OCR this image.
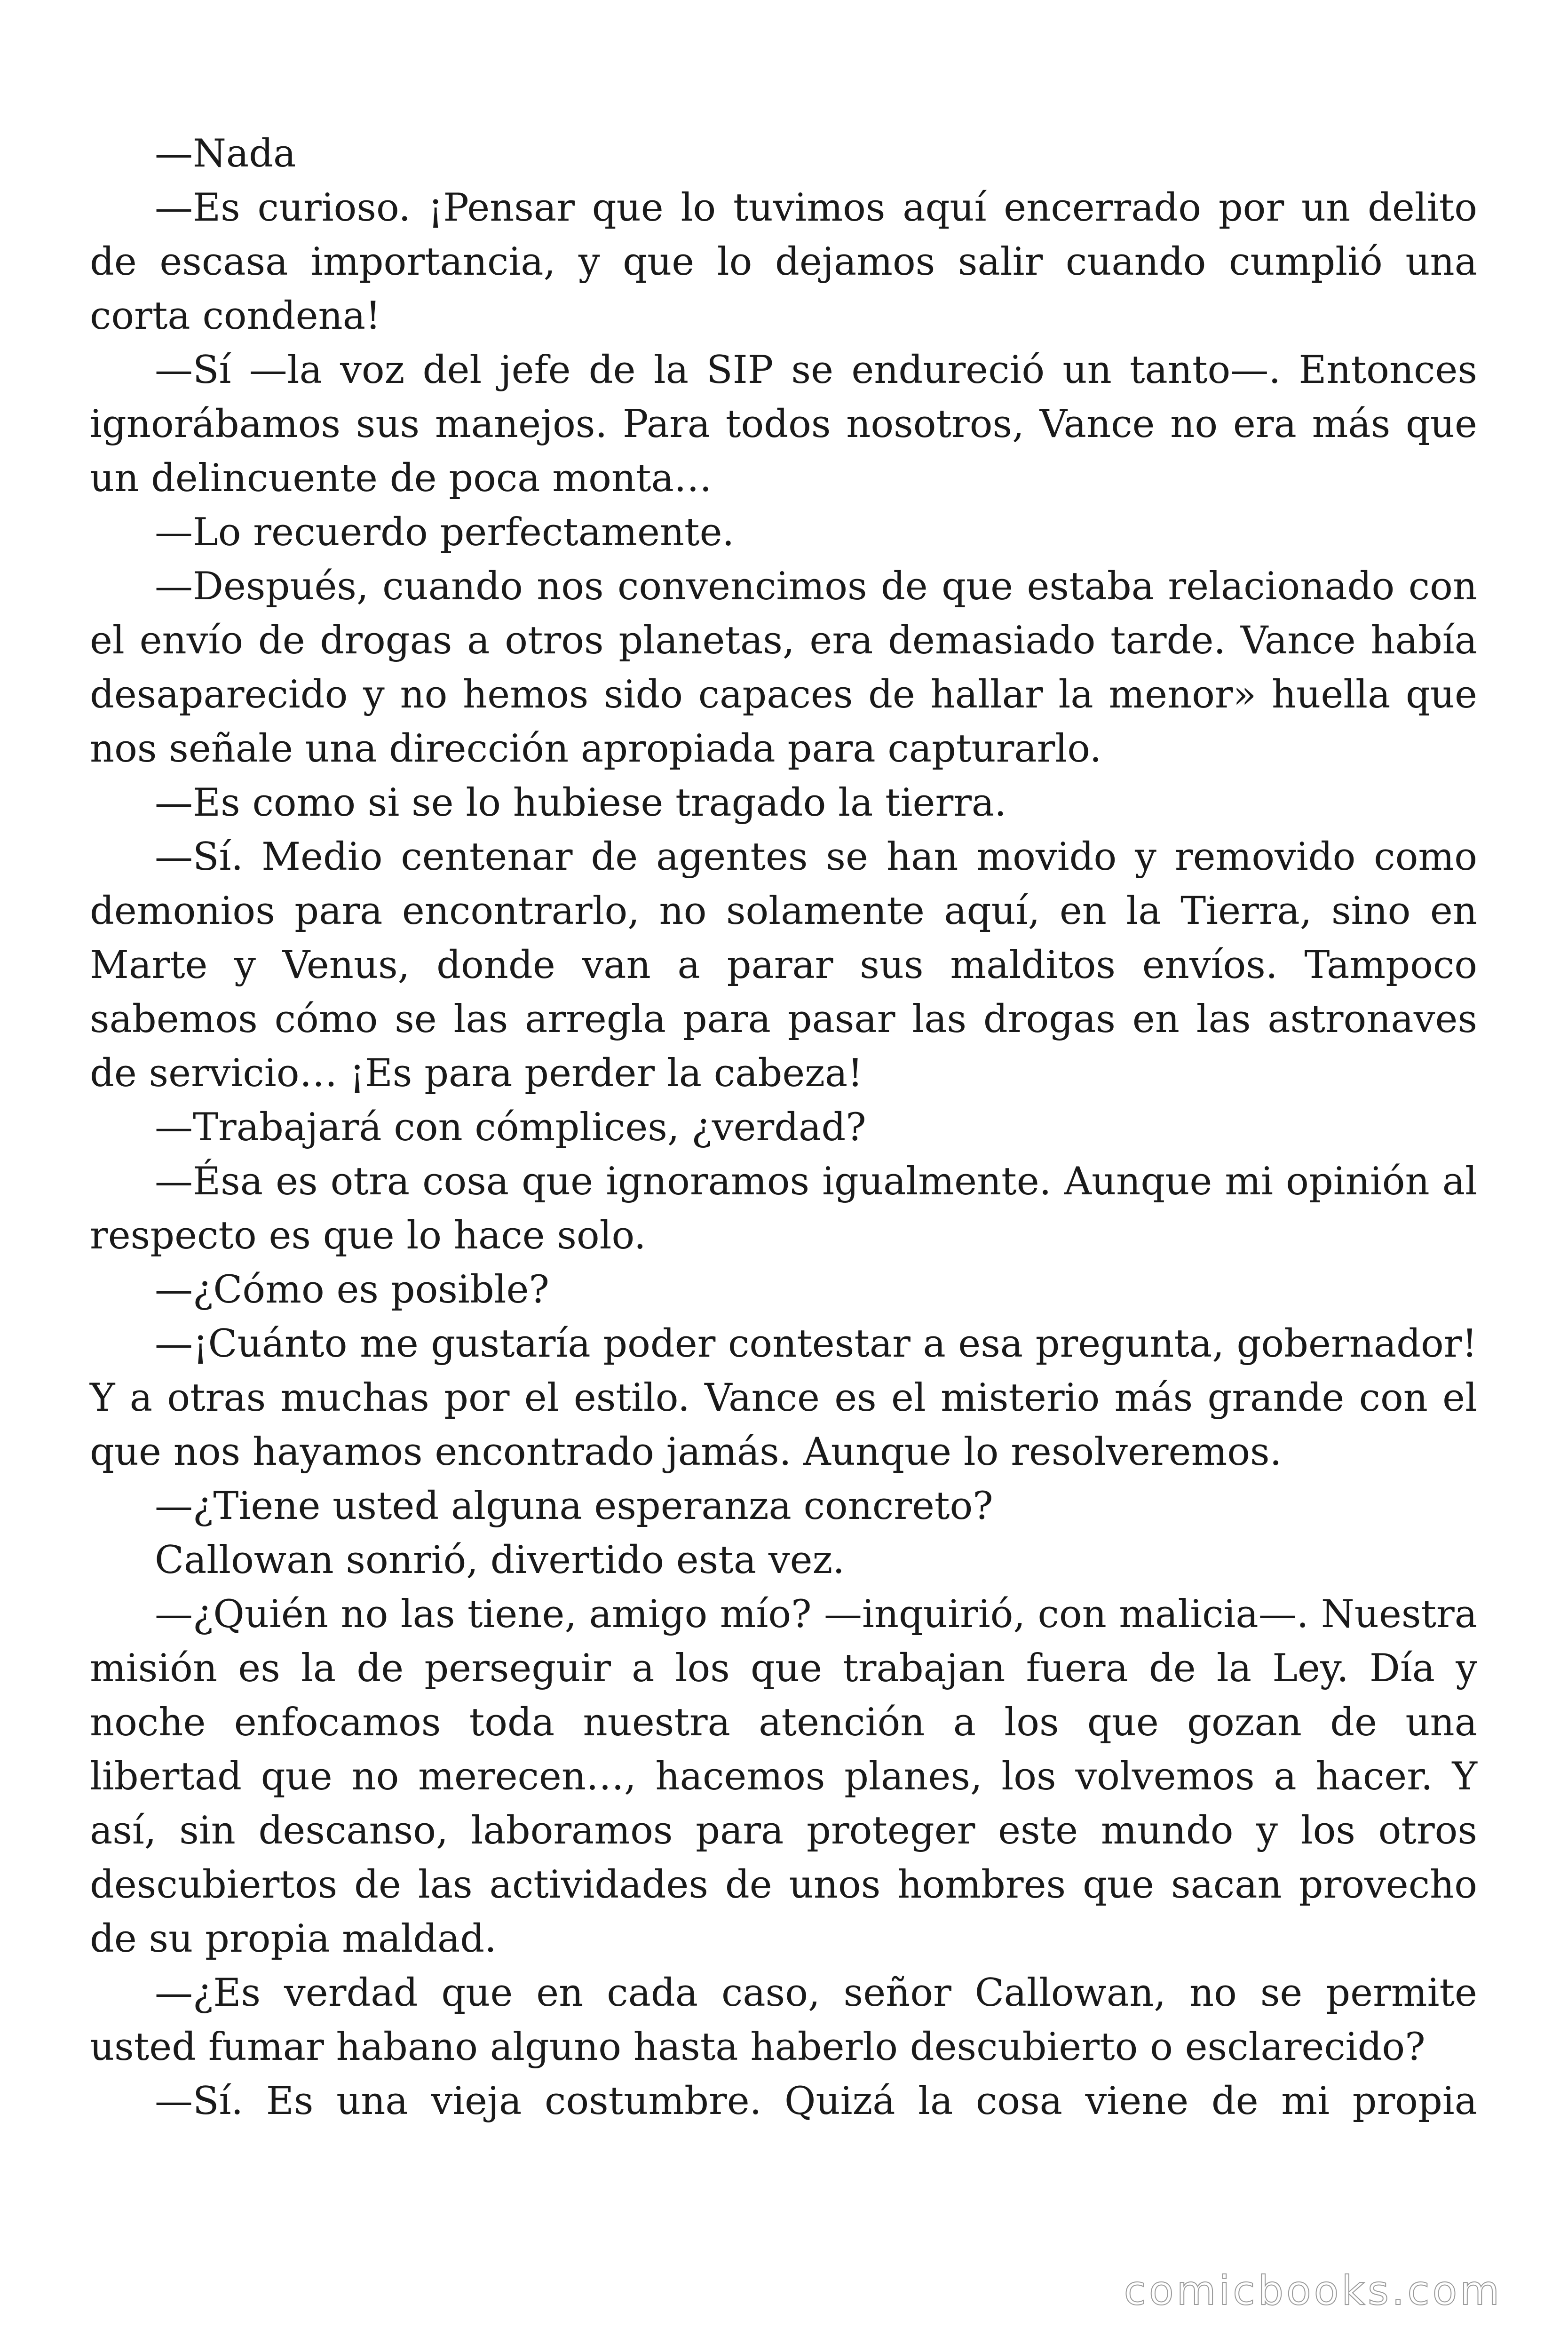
—Nada

—Es curioso. ¡Pensar que lo tuvimos aquí encerrado por un delito de escasa importancia, y que lo dejamos salir cuando cumplió una corta condena!

—Sí —la voz del jefe de la SIP se endureció un tanto—. Entonces ignorábamos sus manejos. Para todos nosotros, Vance no era más que un delincuente de poca monta…

—Lo recuerdo perfectamente.

—Después, cuando nos convencimos de que estaba relacionado con el envío de drogas a otros planetas, era demasiado tarde. Vance había desaparecido y no hemos sido capaces de hallar la menor» huella que nos señale una dirección apropiada para capturarlo.

—Es como si se lo hubiese tragado la tierra.

—Sí. Medio centenar de agentes se han movido y removido como demonios para encontrarlo, no solamente aquí, en la Tierra, sino en Marte y Venus, donde van a parar sus malditos envíos. Tampoco sabemos cómo se las arregla para pasar las drogas en las astronaves de servicio… ¡Es para perder la cabeza!

—Trabajará con cómplices, ¿verdad?

—Ésa es otra cosa que ignoramos igualmente. Aunque mi opinión al respecto es que lo hace solo.

—¿Cómo es posible?

—¡Cuánto me gustaría poder contestar a esa pregunta, gobernador! Y a otras muchas por el estilo. Vance es el misterio más grande con el que nos hayamos encontrado jamás. Aunque lo resolveremos.

—¿Tiene usted alguna esperanza concreto?

Callowan sonrió, divertido esta vez.

—¿Quién no las tiene, amigo mío? —inquirió, con malicia—. Nuestra misión es la de perseguir a los que trabajan fuera de la Ley. Día y noche enfocamos toda nuestra atención a los que gozan de una libertad que no merecen…, hacemos planes, los volvemos a hacer. Y así, sin descanso, laboramos para proteger este mundo y los otros descubiertos de las actividades de unos hombres que sacan provecho de su propia maldad.

—¿Es verdad que en cada caso, señor Callowan, no se permite usted fumar habano alguno hasta haberlo descubierto o esclarecido?

—Sí. Es una vieja costumbre. Quizá la cosa viene de mi propia

comicbooks.com
